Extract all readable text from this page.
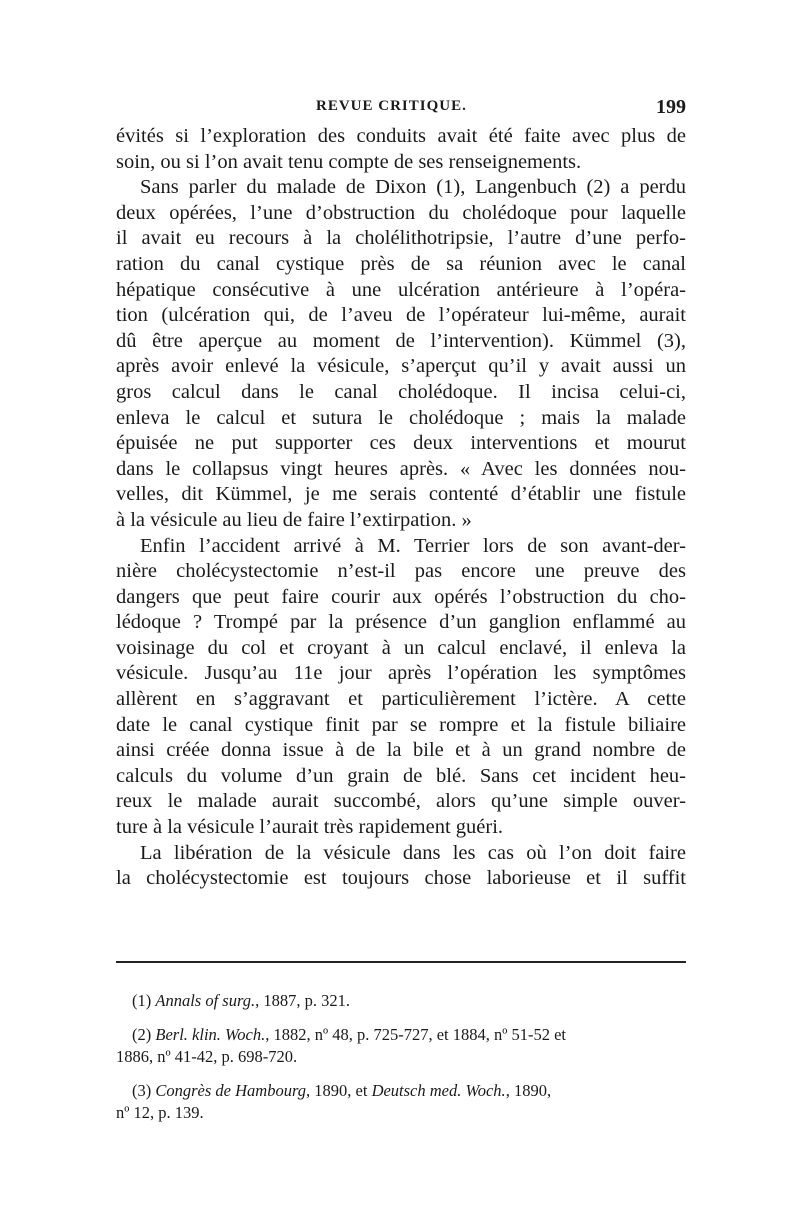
REVUE CRITIQUE.	199
évités si l’exploration des conduits avait été faite avec plus de
soin, ou si l’on avait tenu compte de ses renseignements.
Sans parler du malade de Dixon (1), Langenbuch (2) a perdu
deux opérées, l’une d’obstruction du cholédoque pour laquelle
il avait eu recours à la cholélithotripsie, l’autre d’une perfo-
ration du canal cystique près de sa réunion avec le canal
hépatique consécutive à une ulcération antérieure à l’opéra-
tion (ulcération qui, de l’aveu de l’opérateur lui-même, aurait
dû être aperçue au moment de l’intervention). Kümmel (3),
après avoir enlevé la vésicule, s’aperçut qu’il y avait aussi un
gros calcul dans le canal cholédoque. Il incisa celui-ci,
enleva le calcul et sutura le cholédoque ; mais la malade
épuisée ne put supporter ces deux interventions et mourut
dans le collapsus vingt heures après. « Avec les données nou-
velles, dit Kümmel, je me serais contenté d’établir une fistule
à la vésicule au lieu de faire l’extirpation. »
Enfin l’accident arrivé à M. Terrier lors de son avant-der-
nière cholécystectomie n’est-il pas encore une preuve des
dangers que peut faire courir aux opérés l’obstruction du cho-
lédoque ? Trompé par la présence d’un ganglion enflammé au
voisinage du col et croyant à un calcul enclavé, il enleva la
vésicule. Jusqu’au 11e jour après l’opération les symptômes
allèrent en s’aggravant et particulièrement l’ictère. A cette
date le canal cystique finit par se rompre et la fistule biliaire
ainsi créée donna issue à de la bile et à un grand nombre de
calculs du volume d’un grain de blé. Sans cet incident heu-
reux le malade aurait succombé, alors qu’une simple ouver-
ture à la vésicule l’aurait très rapidement guéri.
La libération de la vésicule dans les cas où l’on doit faire
la cholécystectomie est toujours chose laborieuse et il suffit
(1) Annals of surg., 1887, p. 321.
(2) Berl. klin. Woch., 1882, nº 48, p. 725-727, et 1884, nº 51-52 et
1886, nº 41-42, p. 698-720.
(3) Congrès de Hambourg, 1890, et Deutsch med. Woch., 1890,
nº 12, p. 139.
